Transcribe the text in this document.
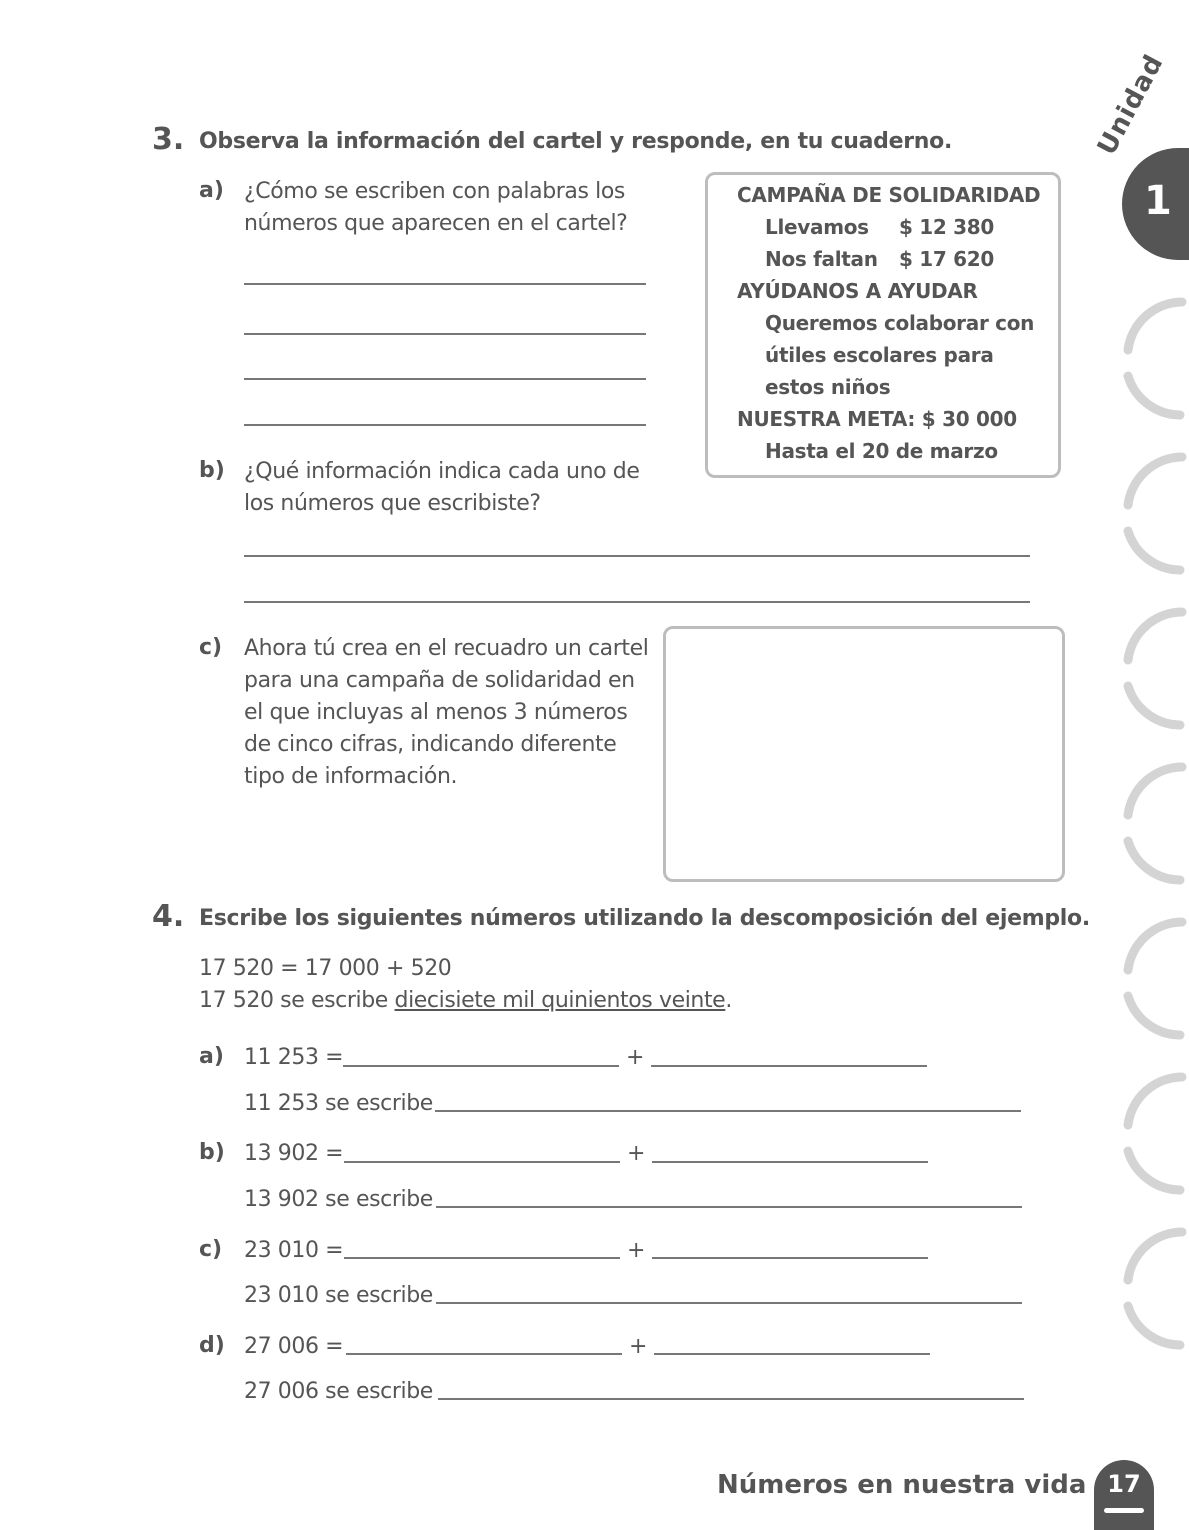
3. Observa la información del cartel y responde, en tu cuaderno.
a) ¿Cómo se escriben con palabras los
números que aparecen en el cartel?
CAMPAÑA DE SOLIDARIDAD
Llevamos $ 12 380
Nos faltan $ 17 620
AYÚDANOS A AYUDAR
Queremos colaborar con
útiles escolares para
estos niños
NUESTRA META: $ 30 000
Hasta el 20 de marzo
b) ¿Qué información indica cada uno de
los números que escribiste?
c) Ahora tú crea en el recuadro un cartel
para una campaña de solidaridad en
el que incluyas al menos 3 números
de cinco cifras, indicando diferente
tipo de información.
4. Escribe los siguientes números utilizando la descomposición del ejemplo.
17 520 = 17 000 + 520
17 520 se escribe diecisiete mil quinientos veinte.
a) 11 253 =	+
11 253 se escribe
b) 13 902 =	+
13 902 se escribe
c) 23 010 =	+
23 010 se escribe
d) 27 006 =	+
27 006 se escribe
1
Unidad
Números en nuestra vida 17
